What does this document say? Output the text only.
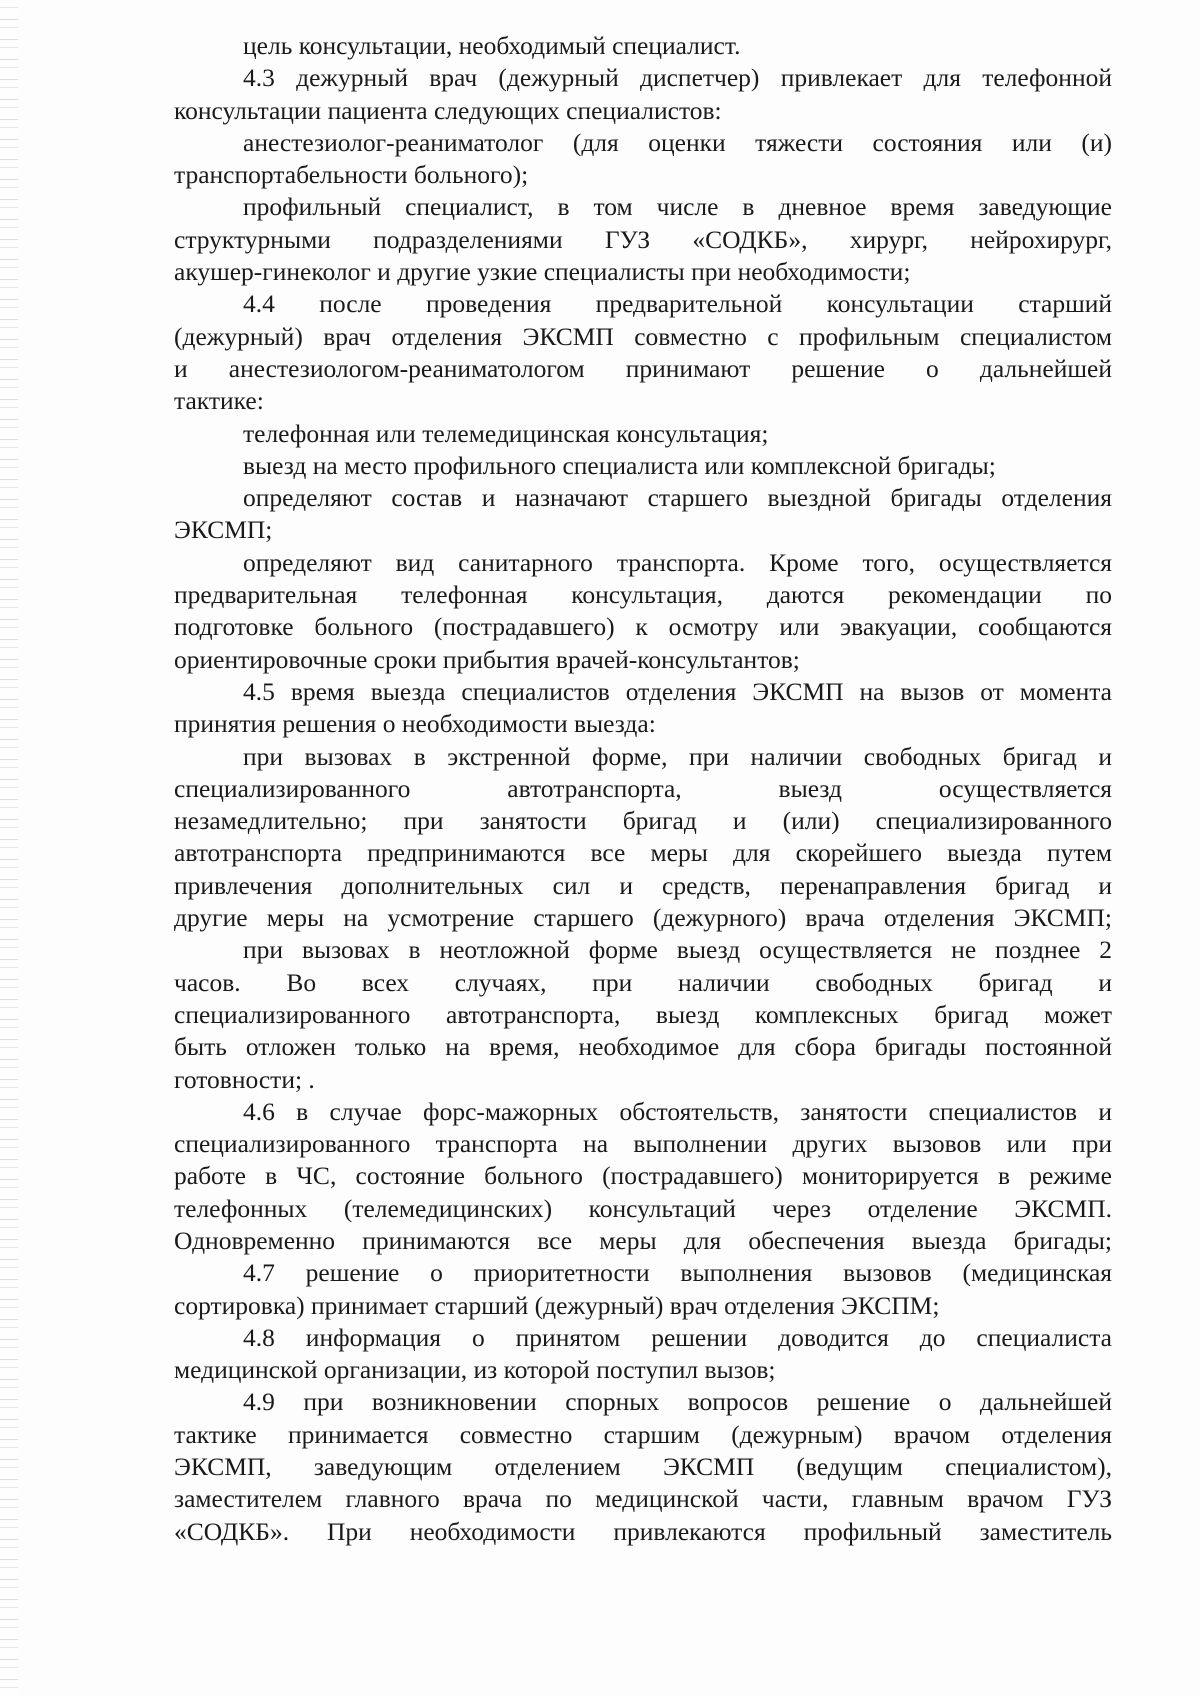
цель консультации, необходимый специалист.
4.3 дежурный врач (дежурный диспетчер) привлекает для телефонной
консультации пациента следующих специалистов:
анестезиолог-реаниматолог (для оценки тяжести состояния или (и)
транспортабельности больного);
профильный специалист, в том числе в дневное время заведующие
структурными подразделениями ГУЗ «СОДКБ», хирург, нейрохирург,
акушер-гинеколог и другие узкие специалисты при необходимости;
4.4 после проведения предварительной консультации старший
(дежурный) врач отделения ЭКСМП совместно с профильным специалистом
и анестезиологом-реаниматологом принимают решение о дальнейшей
тактике:
телефонная или телемедицинская консультация;
выезд на место профильного специалиста или комплексной бригады;
определяют состав и назначают старшего выездной бригады отделения
ЭКСМП;
определяют вид санитарного транспорта. Кроме того, осуществляется
предварительная телефонная консультация, даются рекомендации по
подготовке больного (пострадавшего) к осмотру или эвакуации, сообщаются
ориентировочные сроки прибытия врачей-консультантов;
4.5 время выезда специалистов отделения ЭКСМП на вызов от момента
принятия решения о необходимости выезда:
при вызовах в экстренной форме, при наличии свободных бригад и
специализированного автотранспорта, выезд осуществляется
незамедлительно; при занятости бригад и (или) специализированного
автотранспорта предпринимаются все меры для скорейшего выезда путем
привлечения дополнительных сил и средств, перенаправления бригад и
другие меры на усмотрение старшего (дежурного) врача отделения ЭКСМП;
при вызовах в неотложной форме выезд осуществляется не позднее 2
часов. Во всех случаях, при наличии свободных бригад и
специализированного автотранспорта, выезд комплексных бригад может
быть отложен только на время, необходимое для сбора бригады постоянной
готовности; .
4.6 в случае форс-мажорных обстоятельств, занятости специалистов и
специализированного транспорта на выполнении других вызовов или при
работе в ЧС, состояние больного (пострадавшего) мониторируется в режиме
телефонных (телемедицинских) консультаций через отделение ЭКСМП.
Одновременно принимаются все меры для обеспечения выезда бригады;
4.7 решение о приоритетности выполнения вызовов (медицинская
сортировка) принимает старший (дежурный) врач отделения ЭКСПМ;
4.8 информация о принятом решении доводится до специалиста
медицинской организации, из которой поступил вызов;
4.9 при возникновении спорных вопросов решение о дальнейшей
тактике принимается совместно старшим (дежурным) врачом отделения
ЭКСМП, заведующим отделением ЭКСМП (ведущим специалистом),
заместителем главного врача по медицинской части, главным врачом ГУЗ
«СОДКБ». При необходимости привлекаются профильный заместитель
